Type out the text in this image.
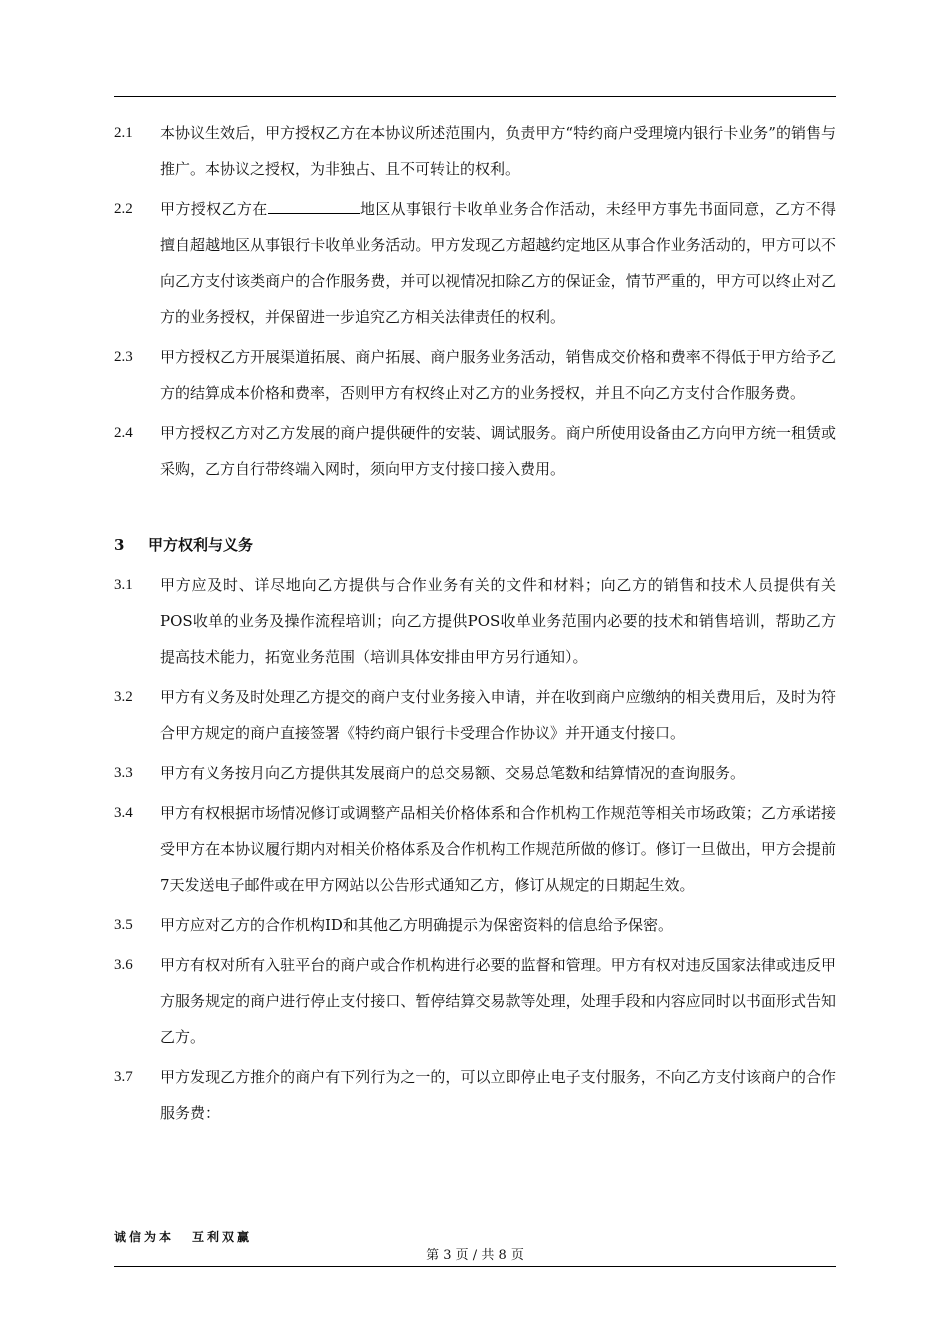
2.1	本协议生效后，甲方授权乙方在本协议所述范围内，负责甲方“特约商户受理境内银行卡业务”的销售与推广。本协议之授权，为非独占、且不可转让的权利。
2.2	甲方授权乙方在	地区从事银行卡收单业务合作活动，未经甲方事先书面同意，乙方不得擅自超越地区从事银行卡收单业务活动。甲方发现乙方超越约定地区从事合作业务活动的，甲方可以不向乙方支付该类商户的合作服务费，并可以视情况扣除乙方的保证金，情节严重的，甲方可以终止对乙方的业务授权，并保留进一步追究乙方相关法律责任的权利。
2.3	甲方授权乙方开展渠道拓展、商户拓展、商户服务业务活动，销售成交价格和费率不得低于甲方给予乙方的结算成本价格和费率，否则甲方有权终止对乙方的业务授权，并且不向乙方支付合作服务费。
2.4	甲方授权乙方对乙方发展的商户提供硬件的安装、调试服务。商户所使用设备由乙方向甲方统一租赁或采购，乙方自行带终端入网时，须向甲方支付接口接入费用。
3 甲方权利与义务
3.1	甲方应及时、详尽地向乙方提供与合作业务有关的文件和材料；向乙方的销售和技术人员提供有关POS收单的业务及操作流程培训；向乙方提供POS收单业务范围内必要的技术和销售培训，帮助乙方提高技术能力，拓宽业务范围（培训具体安排由甲方另行通知）。
3.2	甲方有义务及时处理乙方提交的商户支付业务接入申请，并在收到商户应缴纳的相关费用后，及时为符合甲方规定的商户直接签署《特约商户银行卡受理合作协议》并开通支付接口。
3.3	甲方有义务按月向乙方提供其发展商户的总交易额、交易总笔数和结算情况的查询服务。
3.4	甲方有权根据市场情况修订或调整产品相关价格体系和合作机构工作规范等相关市场政策；乙方承诺接受甲方在本协议履行期内对相关价格体系及合作机构工作规范所做的修订。修订一旦做出，甲方会提前7天发送电子邮件或在甲方网站以公告形式通知乙方，修订从规定的日期起生效。
3.5	甲方应对乙方的合作机构ID和其他乙方明确提示为保密资料的信息给予保密。
3.6	甲方有权对所有入驻平台的商户或合作机构进行必要的监督和管理。甲方有权对违反国家法律或违反甲方服务规定的商户进行停止支付接口、暂停结算交易款等处理，处理手段和内容应同时以书面形式告知乙方。
3.7	甲方发现乙方推介的商户有下列行为之一的，可以立即停止电子支付服务，不向乙方支付该商户的合作服务费：
诚信为本 互利双赢
第 3 页 / 共 8 页
